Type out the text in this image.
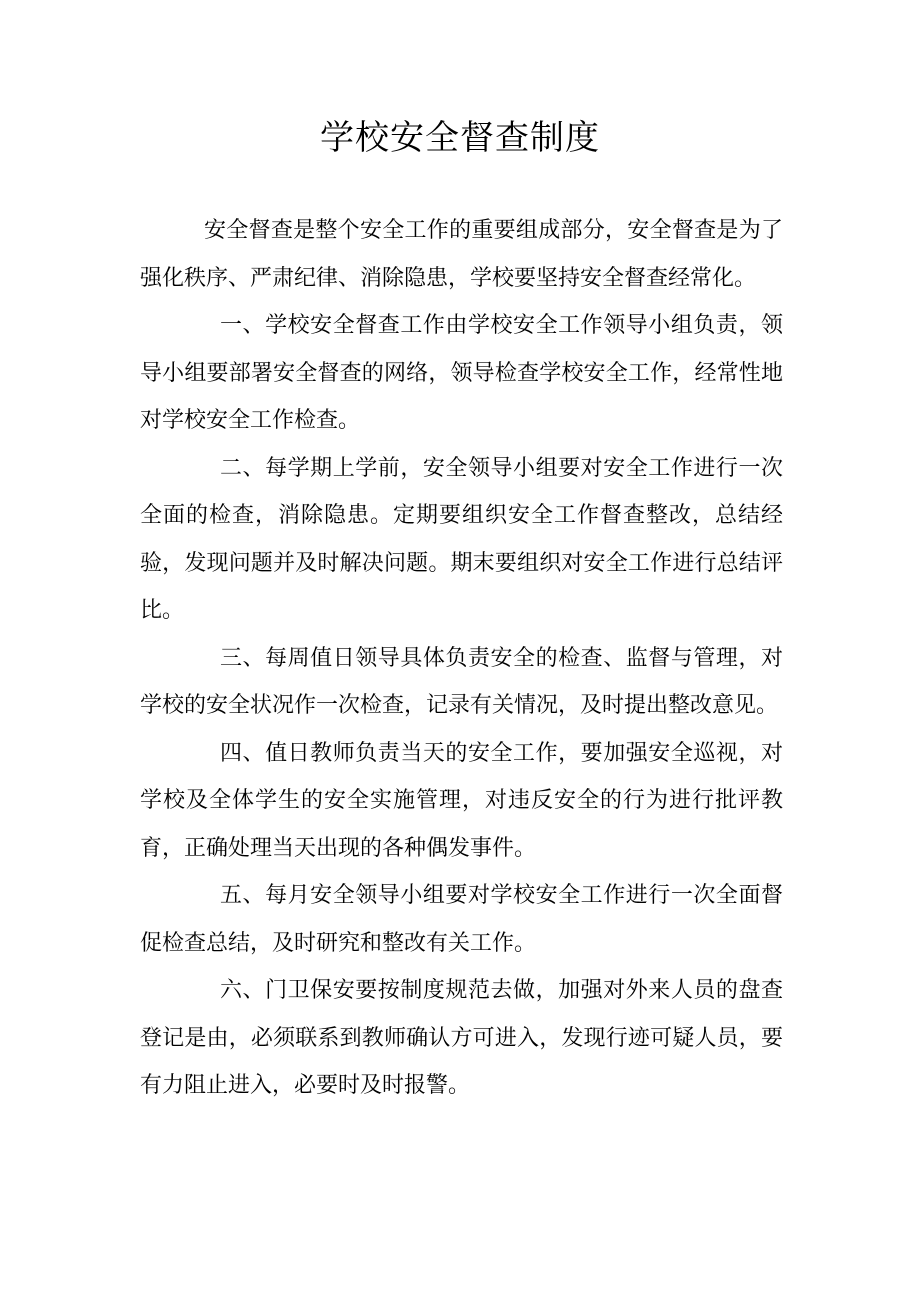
学校安全督查制度

安全督查是整个安全工作的重要组成部分，安全督查是为了强化秩序、严肃纪律、消除隐患，学校要坚持安全督查经常化。

一、学校安全督查工作由学校安全工作领导小组负责，领导小组要部署安全督查的网络，领导检查学校安全工作，经常性地对学校安全工作检查。

二、每学期上学前，安全领导小组要对安全工作进行一次全面的检查，消除隐患。定期要组织安全工作督查整改，总结经验，发现问题并及时解决问题。期末要组织对安全工作进行总结评比。

三、每周值日领导具体负责安全的检查、监督与管理，对学校的安全状况作一次检查，记录有关情况，及时提出整改意见。

四、值日教师负责当天的安全工作，要加强安全巡视，对学校及全体学生的安全实施管理，对违反安全的行为进行批评教育，正确处理当天出现的各种偶发事件。

五、每月安全领导小组要对学校安全工作进行一次全面督促检查总结，及时研究和整改有关工作。

六、门卫保安要按制度规范去做，加强对外来人员的盘查登记是由，必须联系到教师确认方可进入，发现行迹可疑人员，要有力阻止进入，必要时及时报警。
